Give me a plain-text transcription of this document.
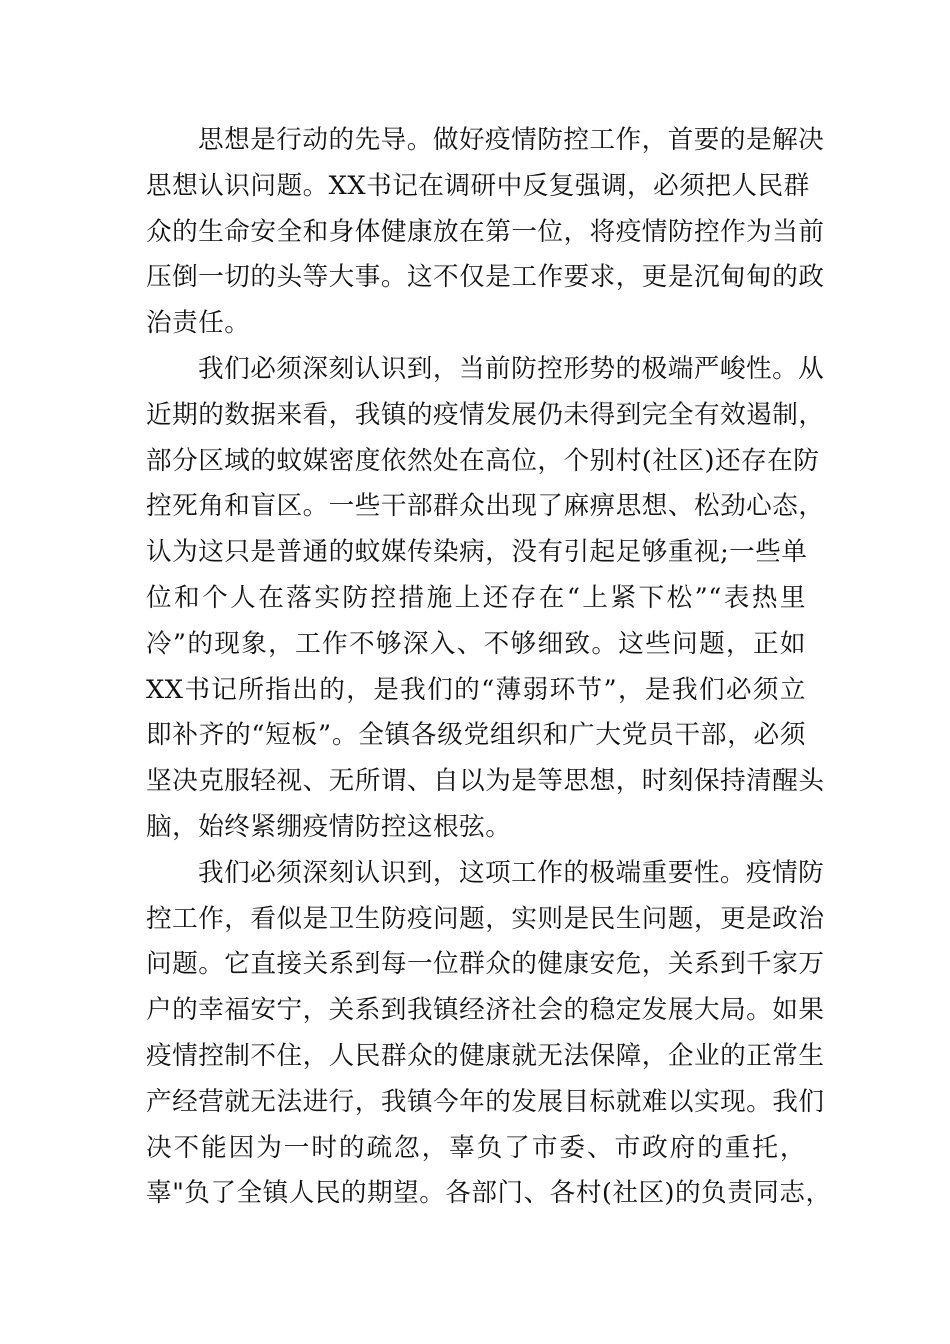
思想是行动的先导。做好疫情防控工作，首要的是解决
思想认识问题。XX书记在调研中反复强调，必须把人民群
众的生命安全和身体健康放在第一位，将疫情防控作为当前
压倒一切的头等大事。这不仅是工作要求，更是沉甸甸的政
治责任。
我们必须深刻认识到，当前防控形势的极端严峻性。从
近期的数据来看，我镇的疫情发展仍未得到完全有效遏制，
部分区域的蚊媒密度依然处在高位，个别村(社区)还存在防
控死角和盲区。一些干部群众出现了麻痹思想、松劲心态，
认为这只是普通的蚊媒传染病，没有引起足够重视;一些单
位和个人在落实防控措施上还存在“上紧下松”“表热里
冷”的现象，工作不够深入、不够细致。这些问题，正如
XX书记所指出的，是我们的“薄弱环节”，是我们必须立
即补齐的“短板”。全镇各级党组织和广大党员干部，必须
坚决克服轻视、无所谓、自以为是等思想，时刻保持清醒头
脑，始终紧绷疫情防控这根弦。
我们必须深刻认识到，这项工作的极端重要性。疫情防
控工作，看似是卫生防疫问题，实则是民生问题，更是政治
问题。它直接关系到每一位群众的健康安危，关系到千家万
户的幸福安宁，关系到我镇经济社会的稳定发展大局。如果
疫情控制不住，人民群众的健康就无法保障，企业的正常生
产经营就无法进行，我镇今年的发展目标就难以实现。我们
决不能因为一时的疏忽，辜负了市委、市政府的重托，
辜"负了全镇人民的期望。各部门、各村(社区)的负责同志，
